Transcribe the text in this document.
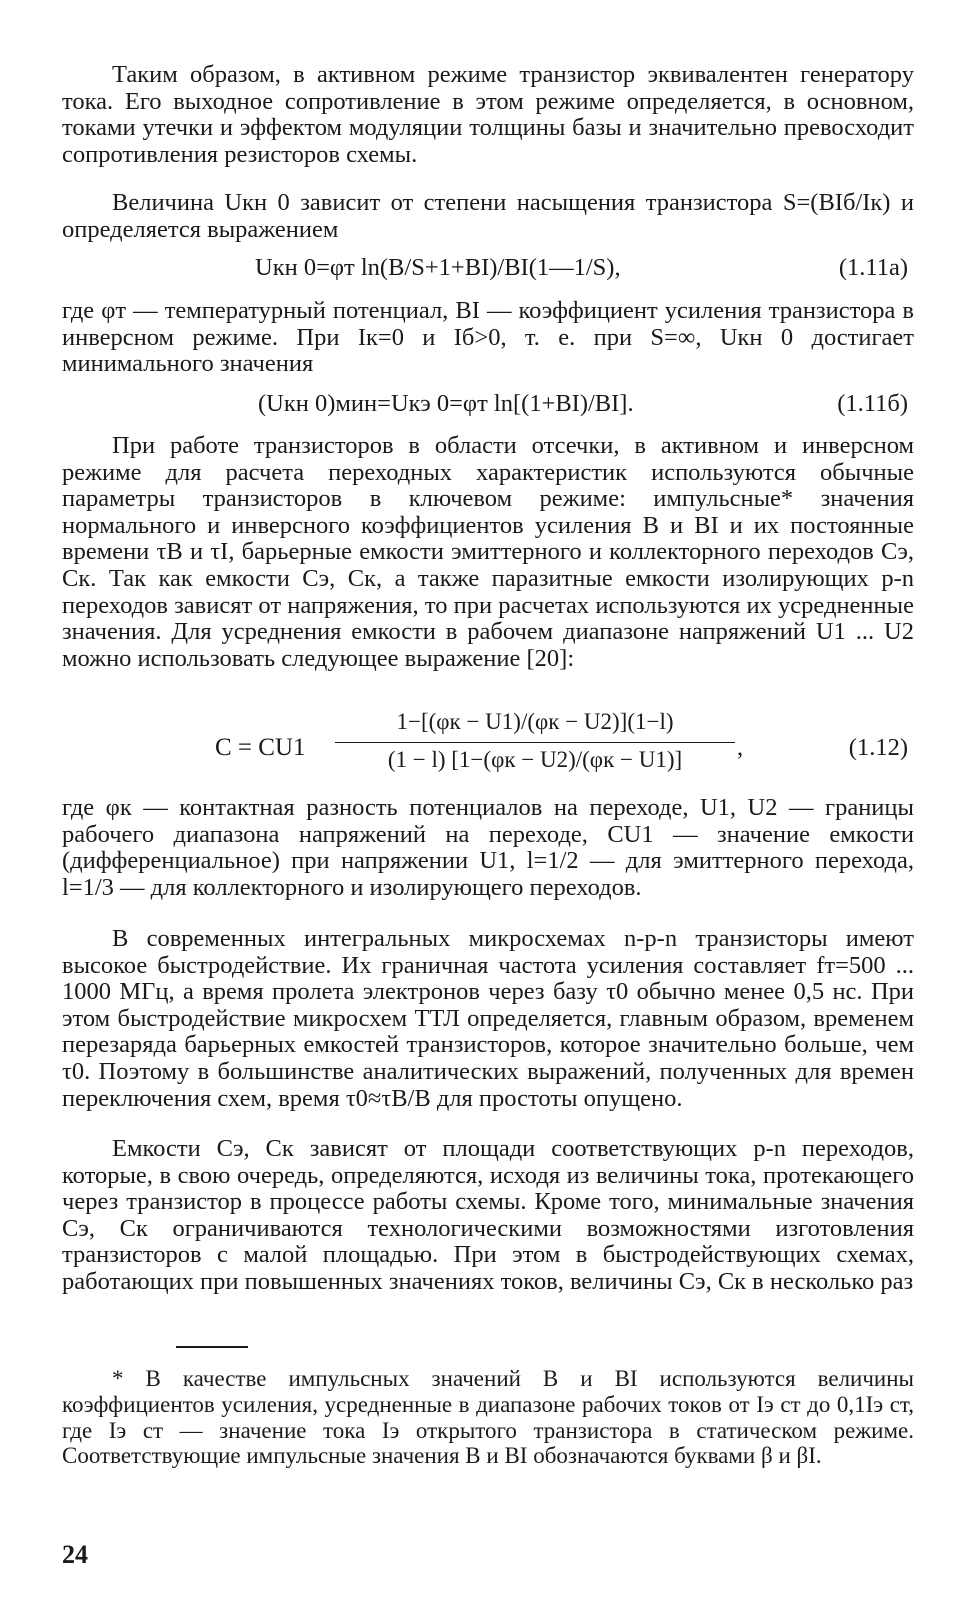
Таким образом, в активном режиме транзистор эквивалентен генератору тока. Его выходное сопротивление в этом режиме определяется, в основном, токами утечки и эффектом модуляции толщины базы и значительно превосходит сопротивления резисторов схемы.

Величина Uкн 0 зависит от степени насыщения транзистора S=(BIб/Iк) и определяется выражением

Uкн 0=φт ln(B/S+1+BI)/BI(1—1/S),	(1.11а)

где φт — температурный потенциал, BI — коэффициент усиления транзистора в инверсном режиме. При Iк=0 и Iб>0, т. е. при S=∞, Uкн 0 достигает минимального значения

(Uкн 0)мин=Uкэ 0=φт ln[(1+BI)/BI].	(1.11б)

При работе транзисторов в области отсечки, в активном и инверсном режиме для расчета переходных характеристик используются обычные параметры транзисторов в ключевом режиме: импульсные* значения нормального и инверсного коэффициентов усиления B и BI и их постоянные времени τB и τI, барьерные емкости эмиттерного и коллекторного переходов Cэ, Cк. Так как емкости Cэ, Cк, а также паразитные емкости изолирующих p-n переходов зависят от напряжения, то при расчетах используются их усредненные значения. Для усреднения емкости в рабочем диапазоне напряжений U1 ... U2 можно использовать следующее выражение [20]:

C = CU1
1−[(φк − U1)/(φк − U2)](1−l)
(1 − l) [1−(φк − U2)/(φк − U1)]	,	(1.12)

где φк — контактная разность потенциалов на переходе, U1, U2 — границы рабочего диапазона напряжений на переходе, CU1 — значение емкости (дифференциальное) при напряжении U1, l=1/2 — для эмиттерного перехода, l=1/3 — для коллекторного и изолирующего переходов.

В современных интегральных микросхемах n-p-n транзисторы имеют высокое быстродействие. Их граничная частота усиления составляет fт=500 ... 1000 МГц, а время пролета электронов через базу τ0 обычно менее 0,5 нс. При этом быстродействие микросхем ТТЛ определяется, главным образом, временем перезаряда барьерных емкостей транзисторов, которое значительно больше, чем τ0. Поэтому в большинстве аналитических выражений, полученных для времен переключения схем, время τ0≈τB/B для простоты опущено.

Емкости Cэ, Cк зависят от площади соответствующих p-n переходов, которые, в свою очередь, определяются, исходя из величины тока, протекающего через транзистор в процессе работы схемы. Кроме того, минимальные значения Cэ, Cк ограничиваются технологическими возможностями изготовления транзисторов с малой площадью. При этом в быстродействующих схемах, работающих при повышенных значениях токов, величины Cэ, Cк в несколько раз

* В качестве импульсных значений B и BI используются величины коэффициентов усиления, усредненные в диапазоне рабочих токов от Iэ ст до 0,1Iэ ст, где Iэ ст — значение тока Iэ открытого транзистора в статическом режиме. Соответствующие импульсные значения B и BI обозначаются буквами β и βI.

24
